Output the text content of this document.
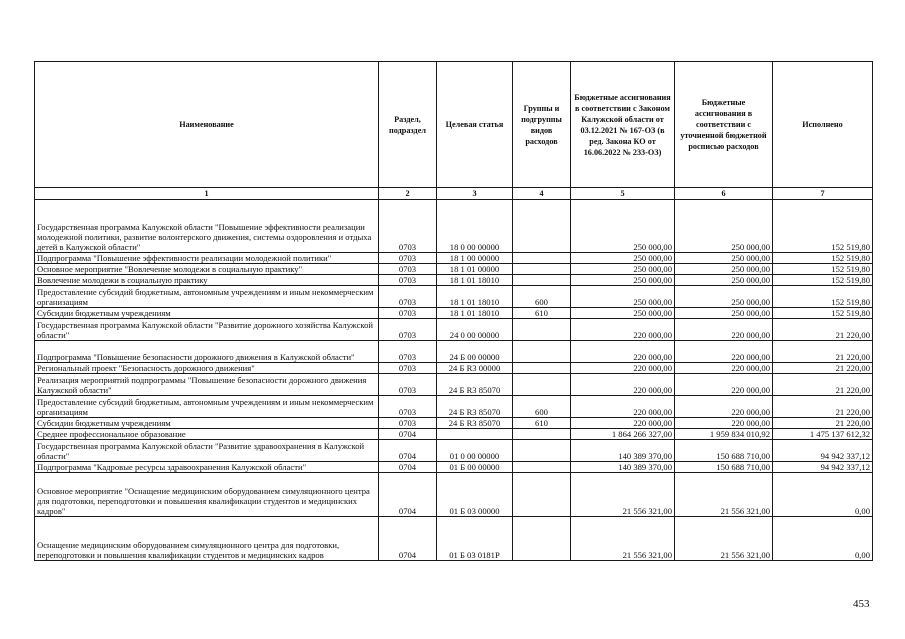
Наименование	Раздел, подраздел	Целевая статья	Группы и подгруппы видов расходов	Бюджетные ассигнования в соответствии с Законом Калужской области от 03.12.2021 № 167-ОЗ (в ред. Закона КО от 16.06.2022 № 233-ОЗ)	Бюджетные ассигнования в соответствии с уточненной бюджетной росписью расходов	Исполнено
1	2	3	4	5	6	7
Государственная программа Калужской области "Повышение эффективности реализации молодежной политики, развитие волонтерского движения, системы оздоровления и отдыха детей в Калужской области"	0703	18 0 00 00000		250 000,00	250 000,00	152 519,80
Подпрограмма "Повышение эффективности реализации молодежной политики"	0703	18 1 00 00000		250 000,00	250 000,00	152 519,80
Основное мероприятие "Вовлечение молодежи в социальную практику"	0703	18 1 01 00000		250 000,00	250 000,00	152 519,80
Вовлечение молодежи в социальную практику	0703	18 1 01 18010		250 000,00	250 000,00	152 519,80
Предоставление субсидий бюджетным, автономным учреждениям и иным некоммерческим организациям	0703	18 1 01 18010	600	250 000,00	250 000,00	152 519,80
Субсидии бюджетным учреждениям	0703	18 1 01 18010	610	250 000,00	250 000,00	152 519,80
Государственная программа Калужской области "Развитие дорожного хозяйства Калужской области"	0703	24 0 00 00000		220 000,00	220 000,00	21 220,00
Подпрограмма "Повышение безопасности дорожного движения в Калужской области"	0703	24 Б 00 00000		220 000,00	220 000,00	21 220,00
Региональный проект "Безопасность дорожного движения"	0703	24 Б R3 00000		220 000,00	220 000,00	21 220,00
Реализация мероприятий подпрограммы "Повышение безопасности дорожного движения Калужской области"	0703	24 Б R3 85070		220 000,00	220 000,00	21 220,00
Предоставление субсидий бюджетным, автономным учреждениям и иным некоммерческим организациям	0703	24 Б R3 85070	600	220 000,00	220 000,00	21 220,00
Субсидии бюджетным учреждениям	0703	24 Б R3 85070	610	220 000,00	220 000,00	21 220,00
Среднее профессиональное образование	0704			1 864 266 327,00	1 959 834 010,92	1 475 137 612,32
Государственная программа Калужской области "Развитие здравоохранения в Калужской области"	0704	01 0 00 00000		140 389 370,00	150 688 710,00	94 942 337,12
Подпрограмма "Кадровые ресурсы здравоохранения Калужской области"	0704	01 Б 00 00000		140 389 370,00	150 688 710,00	94 942 337,12
Основное мероприятие "Оснащение медицинским оборудованием симуляционного центра для подготовки, переподготовки и повышения квалификации студентов и медицинских кадров"	0704	01 Б 03 00000		21 556 321,00	21 556 321,00	0,00
Оснащение медицинским оборудованием симуляционного центра для подготовки, переподготовки и повышения квалификации студентов и медицинских кадров	0704	01 Б 03 0181Р		21 556 321,00	21 556 321,00	0,00
453
